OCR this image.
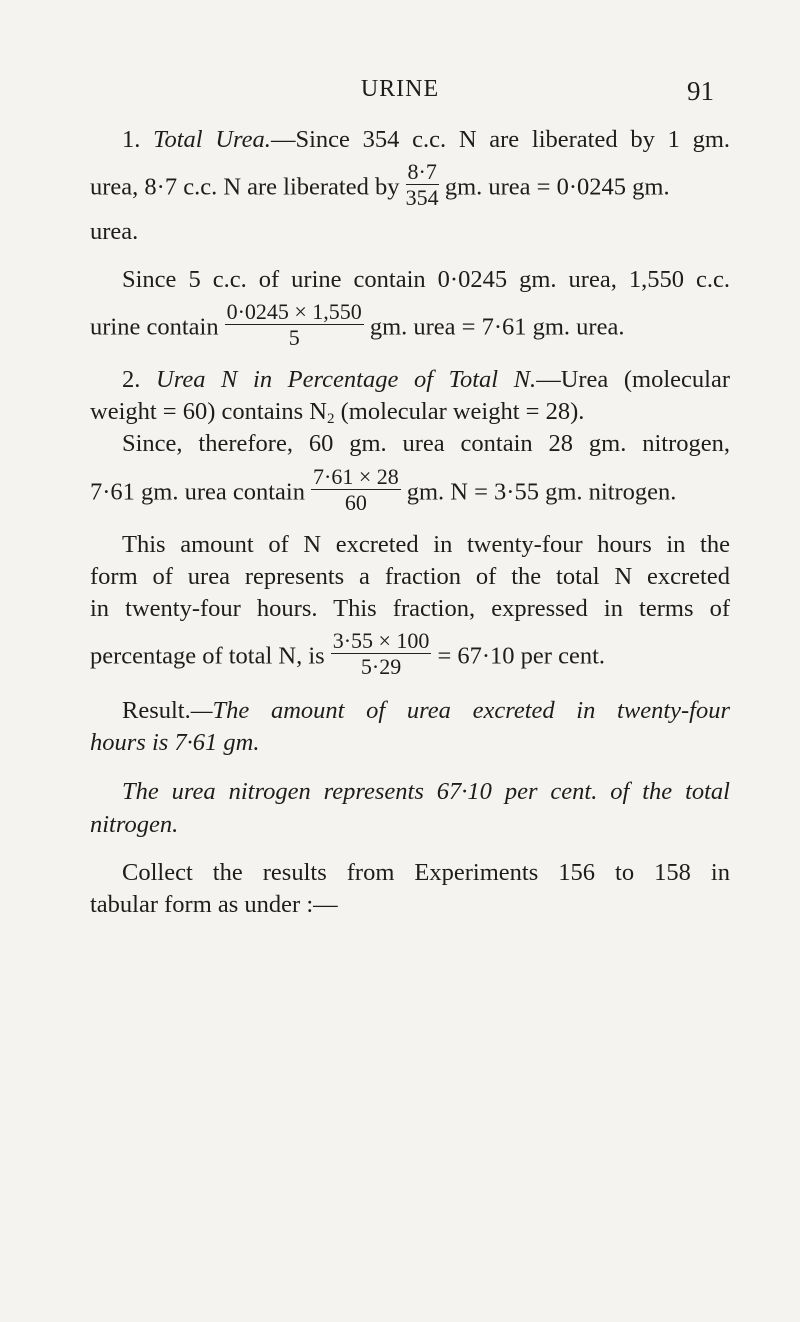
URINE	91
1. Total Urea.—Since 354 c.c. N are liberated by 1 gm.
urea, 8·7 c.c. N are liberated by $\frac{8\cdot 7}{354}$ gm. urea = 0·0245 gm.
urea.
Since 5 c.c. of urine contain 0·0245 gm. urea, 1,550 c.c.
urine contain $\frac{0\cdot 0245 \times 1,550}{5}$ gm. urea = 7·61 gm. urea.
2. Urea N in Percentage of Total N.—Urea (molecular
weight = 60) contains $N_2$ (molecular weight = 28).
Since, therefore, 60 gm. urea contain 28 gm. nitrogen,
7·61 gm. urea contain $\frac{7\cdot 61 \times 28}{60}$ gm. N = 3·55 gm. nitrogen.
This amount of N excreted in twenty-four hours in the
form of urea represents a fraction of the total N excreted
in twenty-four hours. This fraction, expressed in terms of
percentage of total N, is $\frac{3\cdot 55 \times 100}{5\cdot 29} = 67\cdot 10$ per cent.
Result.—The amount of urea excreted in twenty-four
hours is 7·61 gm.
The urea nitrogen represents 67·10 per cent. of the total
nitrogen.
Collect the results from Experiments 156 to 158 in
tabular form as under :—
